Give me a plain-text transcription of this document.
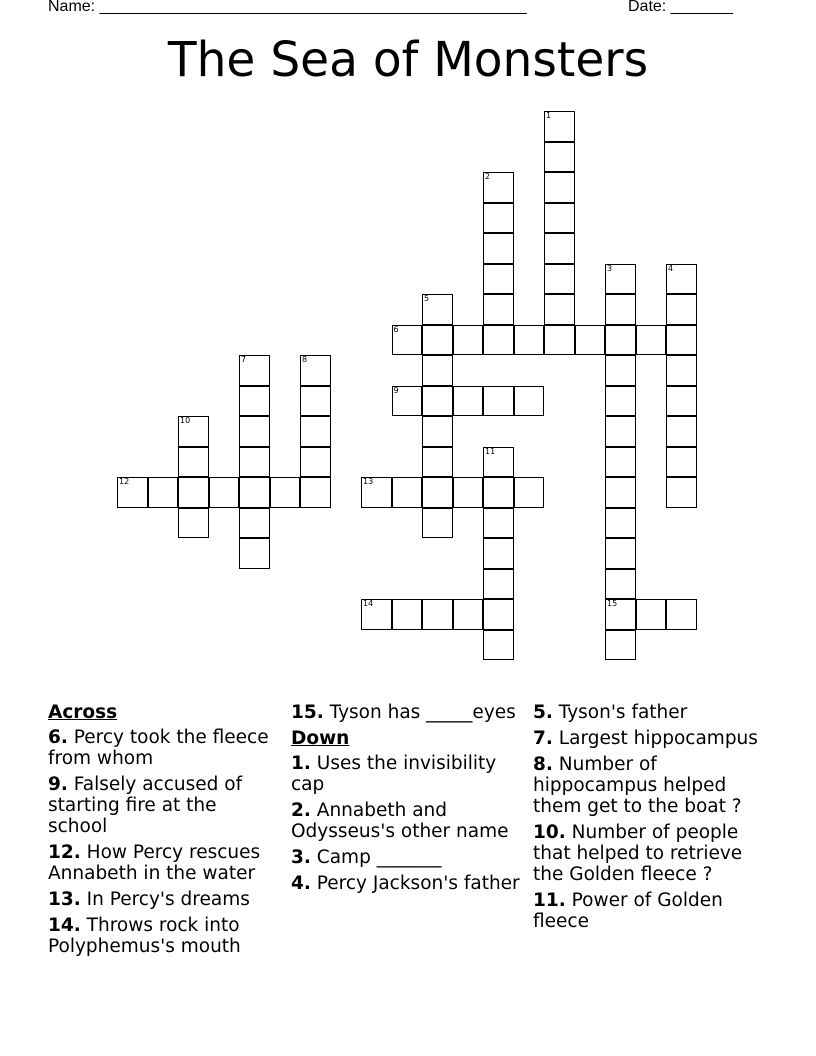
Name: ________________________________________________	Date: _______
The Sea of Monsters
1
2
3
15
4
5
6
7	8
9
10
11
12	13
14
Across
6. Percy took the fleece from whom
9. Falsely accused of starting fire at the school
12. How Percy rescues Annabeth in the water
13. In Percy's dreams
14. Throws rock into Polyphemus's mouth
15. Tyson has _____eyes
Down
1. Uses the invisibility cap
2. Annabeth and Odysseus's other name
3. Camp _______
4. Percy Jackson's father
5. Tyson's father
7. Largest hippocampus
8. Number of hippocampus helped them get to the boat ?
10. Number of people that helped to retrieve the Golden fleece ?
11. Power of Golden fleece
